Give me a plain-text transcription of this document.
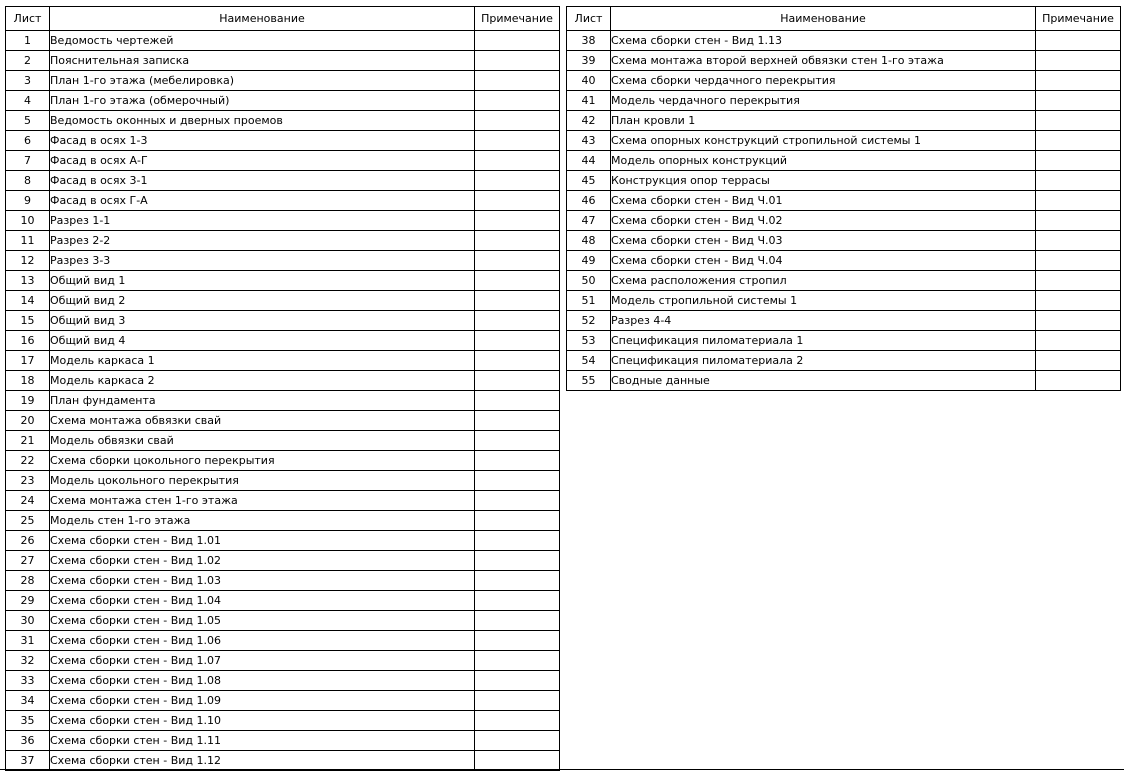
Лист	Наименование	Примечание
1	Ведомость чертежей	
2	Пояснительная записка	
3	План 1-го этажа (мебелировка)	
4	План 1-го этажа (обмерочный)	
5	Ведомость оконных и дверных проемов	
6	Фасад в осях 1-3	
7	Фасад в осях А-Г	
8	Фасад в осях 3-1	
9	Фасад в осях Г-А	
10	Разрез 1-1	
11	Разрез 2-2	
12	Разрез 3-3	
13	Общий вид 1	
14	Общий вид 2	
15	Общий вид 3	
16	Общий вид 4	
17	Модель каркаса 1	
18	Модель каркаса 2	
19	План фундамента	
20	Схема монтажа обвязки свай	
21	Модель обвязки свай	
22	Схема сборки цокольного перекрытия	
23	Модель цокольного перекрытия	
24	Схема монтажа стен 1-го этажа	
25	Модель стен 1-го этажа	
26	Схема сборки стен - Вид 1.01	
27	Схема сборки стен - Вид 1.02	
28	Схема сборки стен - Вид 1.03	
29	Схема сборки стен - Вид 1.04	
30	Схема сборки стен - Вид 1.05	
31	Схема сборки стен - Вид 1.06	
32	Схема сборки стен - Вид 1.07	
33	Схема сборки стен - Вид 1.08	
34	Схема сборки стен - Вид 1.09	
35	Схема сборки стен - Вид 1.10	
36	Схема сборки стен - Вид 1.11	
37	Схема сборки стен - Вид 1.12	
Лист	Наименование	Примечание
38	Схема сборки стен - Вид 1.13	
39	Схема монтажа второй верхней обвязки стен 1-го этажа	
40	Схема сборки чердачного перекрытия	
41	Модель чердачного перекрытия	
42	План кровли 1	
43	Схема опорных конструкций стропильной системы 1	
44	Модель опорных конструкций	
45	Конструкция опор террасы	
46	Схема сборки стен - Вид Ч.01	
47	Схема сборки стен - Вид Ч.02	
48	Схема сборки стен - Вид Ч.03	
49	Схема сборки стен - Вид Ч.04	
50	Схема расположения стропил	
51	Модель стропильной системы 1	
52	Разрез 4-4	
53	Спецификация пиломатериала 1	
54	Спецификация пиломатериала 2	
55	Сводные данные	
